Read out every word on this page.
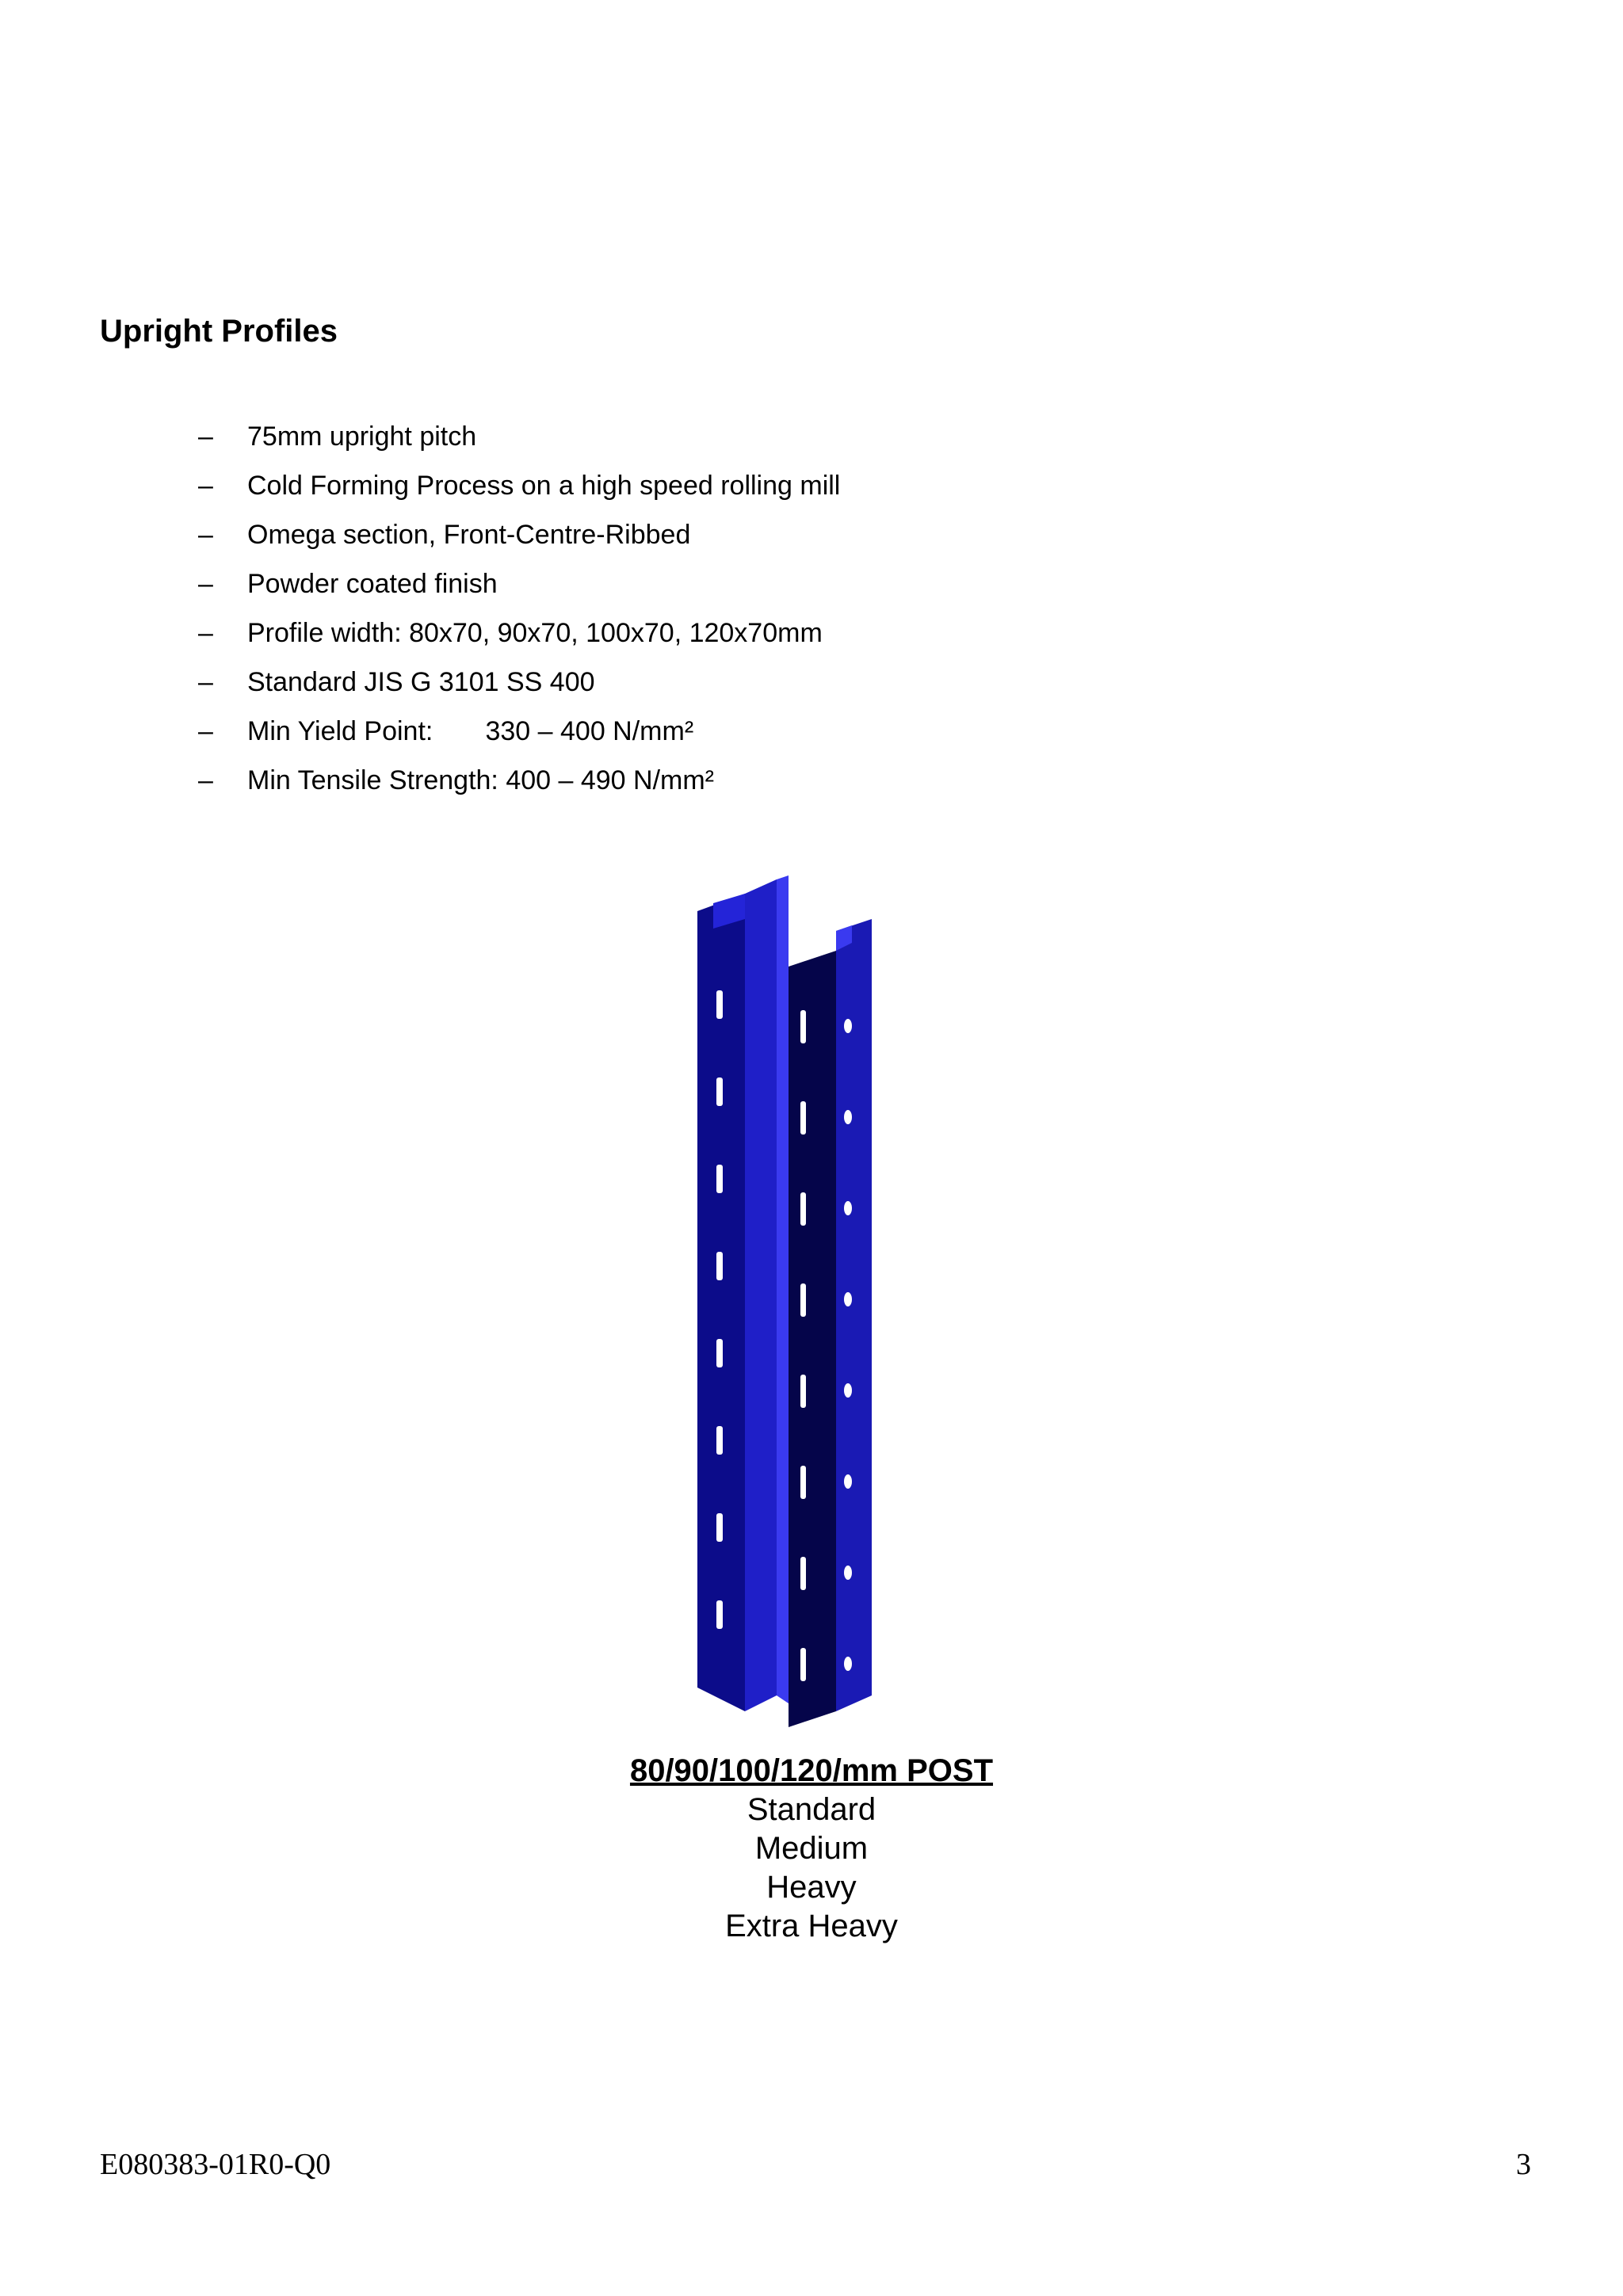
Upright Profiles

–

	75mm upright pitch

–

	Cold Forming Process on a high speed rolling mill

–

	Omega section, Front-Centre-Ribbed

–

	Powder coated finish

–

	Profile width: 80x70, 90x70, 100x70, 120x70mm

–

	Standard JIS G 3101 SS 400

–

	Min Yield Point:       330 – 400 N/mm²

–

	Min Tensile Strength: 400 – 490 N/mm²

80/90/100/120/mm POST
Standard
Medium
Heavy
Extra Heavy
E080383-01R0-Q0	3
